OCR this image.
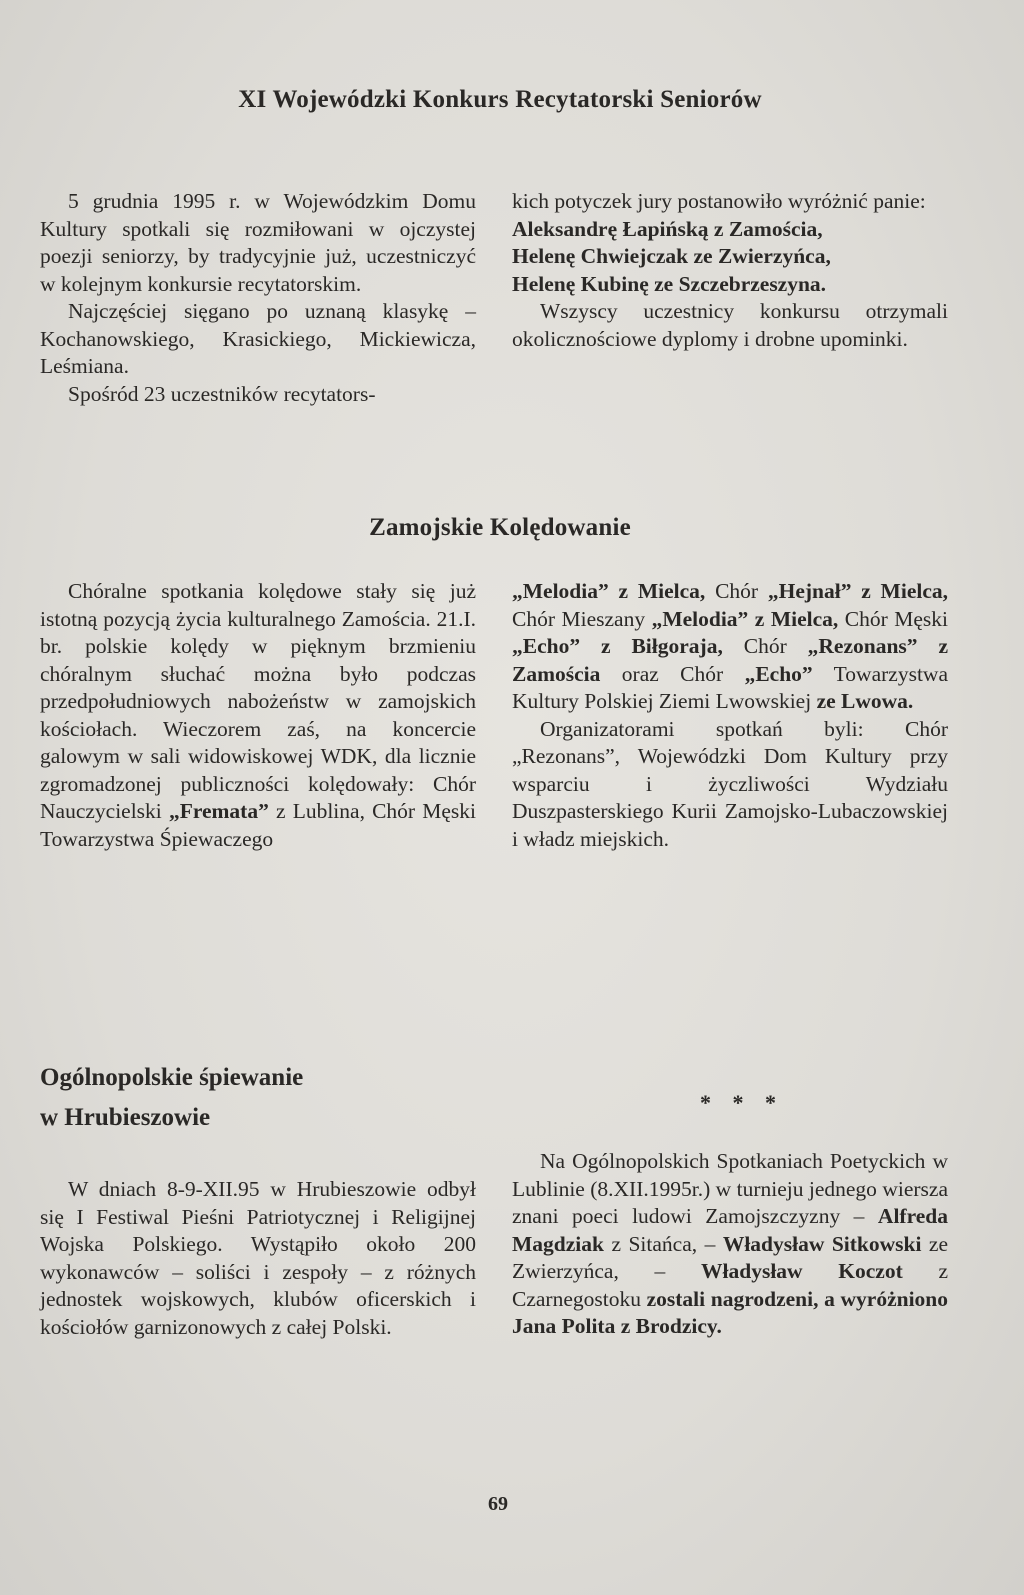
XI Wojewódzki Konkurs Recytatorski Seniorów

5 grudnia 1995 r. w Wojewódzkim Domu Kultury spotkali się rozmiłowani w ojczystej poezji seniorzy, by tradycyjnie już, uczestniczyć w kolejnym konkursie recytatorskim.

Najczęściej sięgano po uznaną klasykę – Kochanowskiego, Krasickiego, Mickiewicza, Leśmiana.

Spośród 23 uczestników recytators-

kich potyczek jury postanowiło wyróżnić panie:

Aleksandrę Łapińską z Zamościa,

Helenę Chwiejczak ze Zwierzyńca,

Helenę Kubinę ze Szczebrzeszyna.

Wszyscy uczestnicy konkursu otrzymali okolicznościowe dyplomy i drobne upominki.

Zamojskie Kolędowanie

Chóralne spotkania kolędowe stały się już istotną pozycją życia kulturalnego Zamościa. 21.I. br. polskie kolędy w pięknym brzmieniu chóralnym słuchać można było podczas przedpołudniowych nabożeństw w zamojskich kościołach. Wieczorem zaś, na koncercie galowym w sali widowiskowej WDK, dla licznie zgromadzonej publiczności kolędowały: Chór Nauczycielski „Fremata” z Lublina, Chór Męski Towarzystwa Śpiewaczego

„Melodia” z Mielca, Chór „Hejnał” z Mielca, Chór Mieszany „Melodia” z Mielca, Chór Męski „Echo” z Biłgoraja, Chór „Rezonans” z Zamościa oraz Chór „Echo” Towarzystwa Kultury Polskiej Ziemi Lwowskiej ze Lwowa.

Organizatorami spotkań byli: Chór „Rezonans”, Wojewódzki Dom Kultury przy wsparciu i życzliwości Wydziału Duszpasterskiego Kurii Zamojsko-Lubaczowskiej i władz miejskich.

Ogólnopolskie śpiewanie
w Hrubieszowie

W dniach 8-9-XII.95 w Hrubieszowie odbył się I Festiwal Pieśni Patriotycznej i Religijnej Wojska Polskiego. Wystąpiło około 200 wykonawców – soliści i zespoły – z różnych jednostek wojskowych, klubów oficerskich i kościołów garnizonowych z całej Polski.

* * *

Na Ogólnopolskich Spotkaniach Poetyckich w Lublinie (8.XII.1995r.) w turnieju jednego wiersza znani poeci ludowi Zamojszczyzny – Alfreda Magdziak z Sitańca, – Władysław Sitkowski ze Zwierzyńca, – Władysław Koczot z Czarnegostoku zostali nagrodzeni, a wyróżniono Jana Polita z Brodzicy.

69
